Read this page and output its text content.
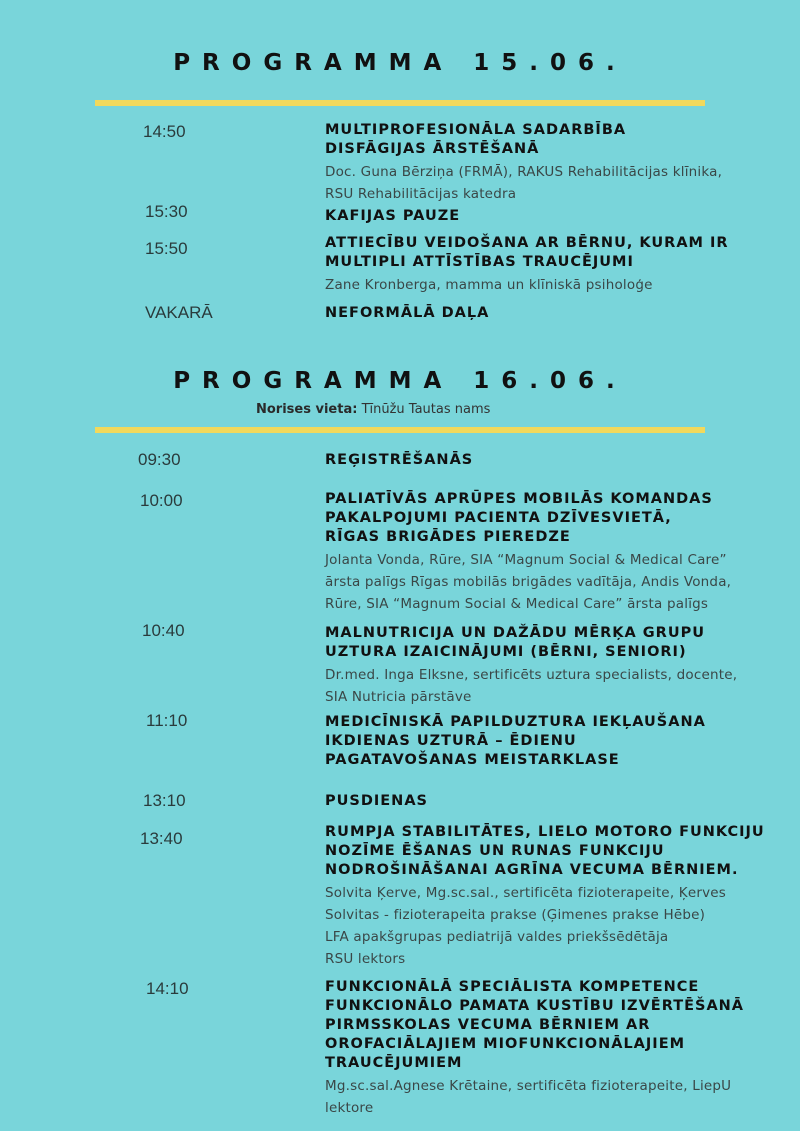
PROGRAMMA 15.06.
14:50
15:30
15:50
VAKARĀ
MULTIPROFESIONĀLA SADARBĪBA
DISFĀGIJAS ĀRSTĒŠANĀ
Doc. Guna Bērziņa (FRMĀ), RAKUS Rehabilitācijas klīnika,
RSU Rehabilitācijas katedra
KAFIJAS PAUZE
ATTIECĪBU VEIDOŠANA AR BĒRNU, KURAM IR
MULTIPLI ATTĪSTĪBAS TRAUCĒJUMI
Zane Kronberga, mamma un klīniskā psiholoģe
NEFORMĀLĀ DAĻA
PROGRAMMA 16.06.
Norises vieta: Tīnūžu Tautas nams
09:30
10:00
10:40
11:10
13:10
13:40
14:10
REĢISTRĒŠANĀS
PALIATĪVĀS APRŪPES MOBILĀS KOMANDAS
PAKALPOJUMI PACIENTA DZĪVESVIETĀ,
RĪGAS BRIGĀDES PIEREDZE
Jolanta Vonda, Rūre, SIA “Magnum Social & Medical Care”
ārsta palīgs Rīgas mobilās brigādes vadītāja, Andis Vonda,
Rūre, SIA “Magnum Social & Medical Care” ārsta palīgs
MALNUTRICIJA UN DAŽĀDU MĒRĶA GRUPU
UZTURA IZAICINĀJUMI (BĒRNI, SENIORI)
Dr.med. Inga Elksne, sertificēts uztura specialists, docente,
SIA Nutricia pārstāve
MEDICĪNISKĀ PAPILDUZTURA IEKĻAUŠANA
IKDIENAS UZTURĀ – ĒDIENU
PAGATAVOŠANAS MEISTARKLASE
PUSDIENAS
RUMPJA STABILITĀTES, LIELO MOTORO FUNKCIJU
NOZĪME ĒŠANAS UN RUNAS FUNKCIJU
NODROŠINĀŠANAI AGRĪNA VECUMA BĒRNIEM.
Solvita Ķerve, Mg.sc.sal., sertificēta fizioterapeite, Ķerves
Solvitas - fizioterapeita prakse (Ģimenes prakse Hēbe)
LFA apakšgrupas pediatrijā valdes priekšsēdētāja
RSU lektors
FUNKCIONĀLĀ SPECIĀLISTA KOMPETENCE
FUNKCIONĀLO PAMATA KUSTĪBU IZVĒRTĒŠANĀ
PIRMSSKOLAS VECUMA BĒRNIEM AR
OROFACIĀLAJIEM MIOFUNKCIONĀLAJIEM
TRAUCĒJUMIEM
Mg.sc.sal.Agnese Krētaine, sertificēta fizioterapeite, LiepU
lektore
